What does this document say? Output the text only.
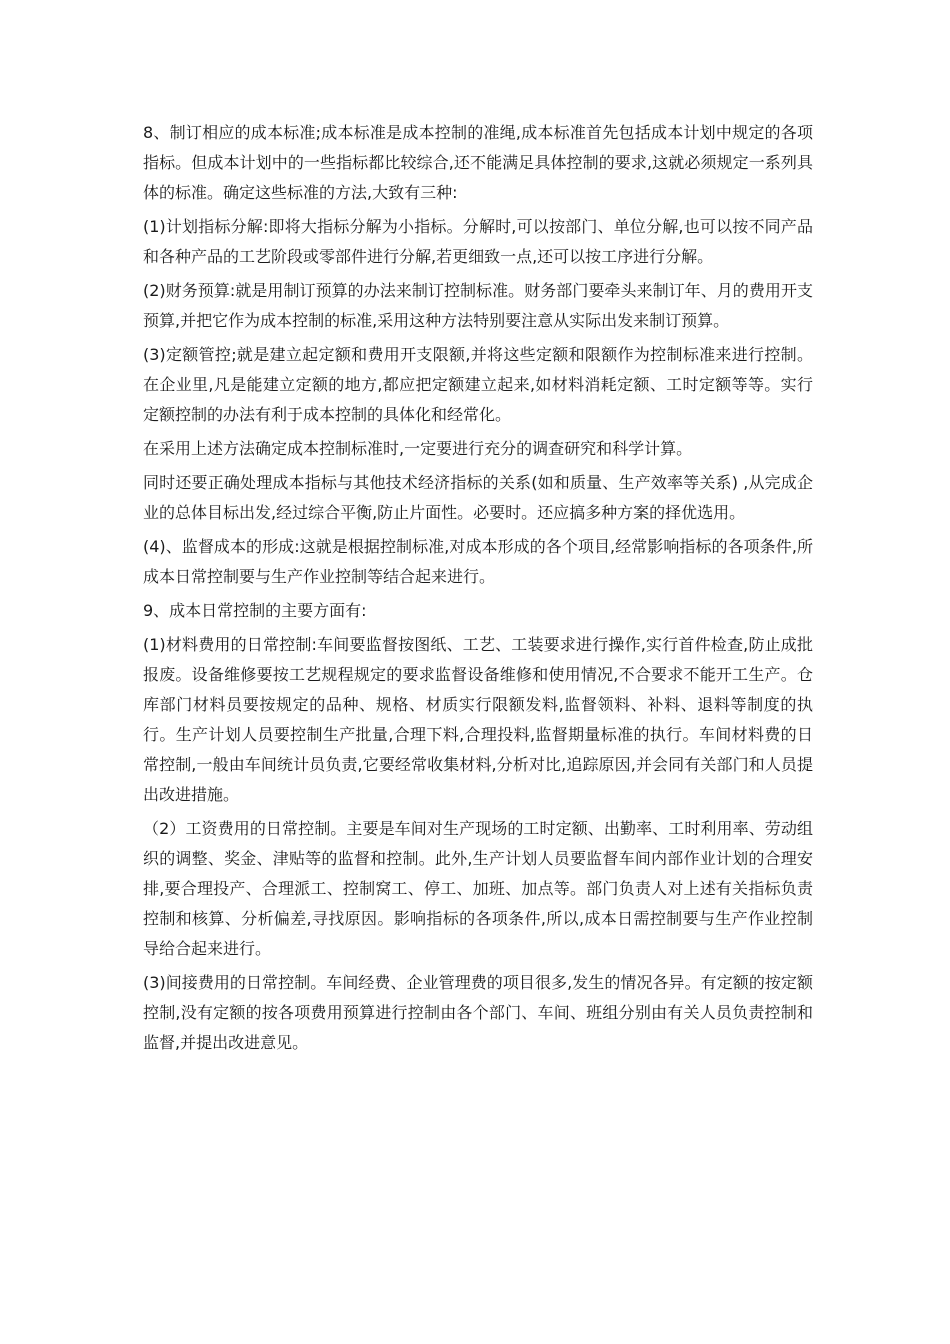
8、制订相应的成本标准;成本标准是成本控制的准绳,成本标准首先包括成本计划中规定的各项指标。但成本计划中的一些指标都比较综合,还不能满足具体控制的要求,这就必须规定一系列具体的标准。确定这些标准的方法,大致有三种:

(1)计划指标分解:即将大指标分解为小指标。分解时,可以按部门、单位分解,也可以按不同产品和各种产品的工艺阶段或零部件进行分解,若更细致一点,还可以按工序进行分解。

(2)财务预算:就是用制订预算的办法来制订控制标准。财务部门要牵头来制订年、月的费用开支预算,并把它作为成本控制的标准,采用这种方法特别要注意从实际出发来制订预算。

(3)定额管控;就是建立起定额和费用开支限额,并将这些定额和限额作为控制标准来进行控制。在企业里,凡是能建立定额的地方,都应把定额建立起来,如材料消耗定额、工时定额等等。实行定额控制的办法有利于成本控制的具体化和经常化。

在采用上述方法确定成本控制标准时,一定要进行充分的调查研究和科学计算。

同时还要正确处理成本指标与其他技术经济指标的关系(如和质量、生产效率等关系) ,从完成企业的总体目标出发,经过综合平衡,防止片面性。必要时。还应搞多种方案的择优选用。

(4)、监督成本的形成:这就是根据控制标准,对成本形成的各个项目,经常影响指标的各项条件,所成本日常控制要与生产作业控制等结合起来进行。

9、成本日常控制的主要方面有:

(1)材料费用的日常控制:车间要监督按图纸、工艺、工装要求进行操作,实行首件检查,防止成批报废。设备维修要按工艺规程规定的要求监督设备维修和使用情况,不合要求不能开工生产。仓库部门材料员要按规定的品种、规格、材质实行限额发料,监督领料、补料、退料等制度的执行。生产计划人员要控制生产批量,合理下料,合理投料,监督期量标准的执行。车间材料费的日常控制,一般由车间统计员负责,它要经常收集材料,分析对比,追踪原因,并会同有关部门和人员提出改进措施。

（2）工资费用的日常控制。主要是车间对生产现场的工时定额、出勤率、工时利用率、劳动组织的调整、奖金、津贴等的监督和控制。此外,生产计划人员要监督车间内部作业计划的合理安排,要合理投产、合理派工、控制窝工、停工、加班、加点等。部门负责人对上述有关指标负责控制和核算、分析偏差,寻找原因。影响指标的各项条件,所以,成本日需控制要与生产作业控制导给合起来进行。

(3)间接费用的日常控制。车间经费、企业管理费的项目很多,发生的情况各异。有定额的按定额控制,没有定额的按各项费用预算进行控制由各个部门、车间、班组分别由有关人员负责控制和监督,并提出改进意见。
